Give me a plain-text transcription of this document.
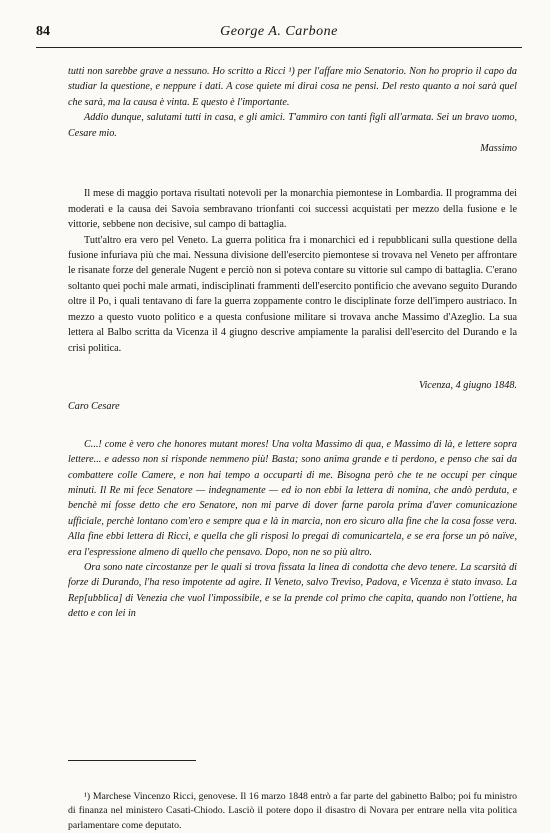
84	George A. Carbone

tutti non sarebbe grave a nessuno. Ho scritto a Ricci ¹) per l'affare mio Senatorio. Non ho proprio il capo da studiar la questione, e neppure i dati. A cose quiete mi dirai cosa ne pensi. Del resto quanto a noi sarà quel che sarà, ma la causa è vinta. E questo è l'importante.

Addio dunque, salutami tutti in casa, e gli amici. T'ammiro con tanti figli all'armata. Sei un bravo uomo, Cesare mio.

Massimo

Il mese di maggio portava risultati notevoli per la monarchia piemontese in Lombardia. Il programma dei moderati e la causa dei Savoia sembravano trionfanti coi successi acquistati per mezzo della fusione e le vittorie, sebbene non decisive, sul campo di battaglia.

Tutt'altro era vero pel Veneto. La guerra politica fra i monarchici ed i repubblicani sulla questione della fusione infuriava più che mai. Nessuna divisione dell'esercito piemontese si trovava nel Veneto per affrontare le risanate forze del generale Nugent e perciò non si poteva contare su vittorie sul campo di battaglia. C'erano soltanto quei pochi male armati, indisciplinati frammenti dell'esercito pontificio che avevano seguito Durando oltre il Po, i quali tentavano di fare la guerra zoppamente contro le disciplinate forze dell'impero austriaco. In mezzo a questo vuoto politico e a questa confusione militare si trovava anche Massimo d'Azeglio. La sua lettera al Balbo scritta da Vicenza il 4 giugno descrive ampiamente la paralisi dell'esercito del Durando e la crisi politica.

Vicenza, 4 giugno 1848.

Caro Cesare

C...! come è vero che honores mutant mores! Una volta Massimo di qua, e Massimo di là, e lettere sopra lettere... e adesso non si risponde nemmeno più! Basta; sono anima grande e ti perdono, e penso che sai da combattere colle Camere, e non hai tempo a occuparti di me. Bisogna però che te ne occupi per cinque minuti. Il Re mi fece Senatore — indegnamente — ed io non ebbi la lettera di nomina, che andò perduta, e benchè mi fosse detto che ero Senatore, non mi parve di dover farne parola prima d'aver comunicazione ufficiale, perchè lontano com'ero e sempre qua e là in marcia, non ero sicuro alla fine che la cosa fosse vera. Alla fine ebbi lettera di Ricci, e quella che gli risposi lo pregai di comunicartela, e se era forse un pò naïve, era l'espressione almeno di quello che pensavo. Dopo, non ne so più altro.

Ora sono nate circostanze per le quali si trova fissata la linea di condotta che devo tenere. La scarsità di forze di Durando, l'ha reso impotente ad agire. Il Veneto, salvo Treviso, Padova, e Vicenza è stato invaso. La Rep[ubblica] di Venezia che vuol l'impossibile, e se la prende col primo che capita, quando non l'ottiene, ha detto e con lei in

¹) Marchese Vincenzo Ricci, genovese. Il 16 marzo 1848 entrò a far parte del gabinetto Balbo; poi fu ministro di finanza nel ministero Casati-Chiodo. Lasciò il potere dopo il disastro di Novara per entrare nella vita politica parlamentare come deputato.
